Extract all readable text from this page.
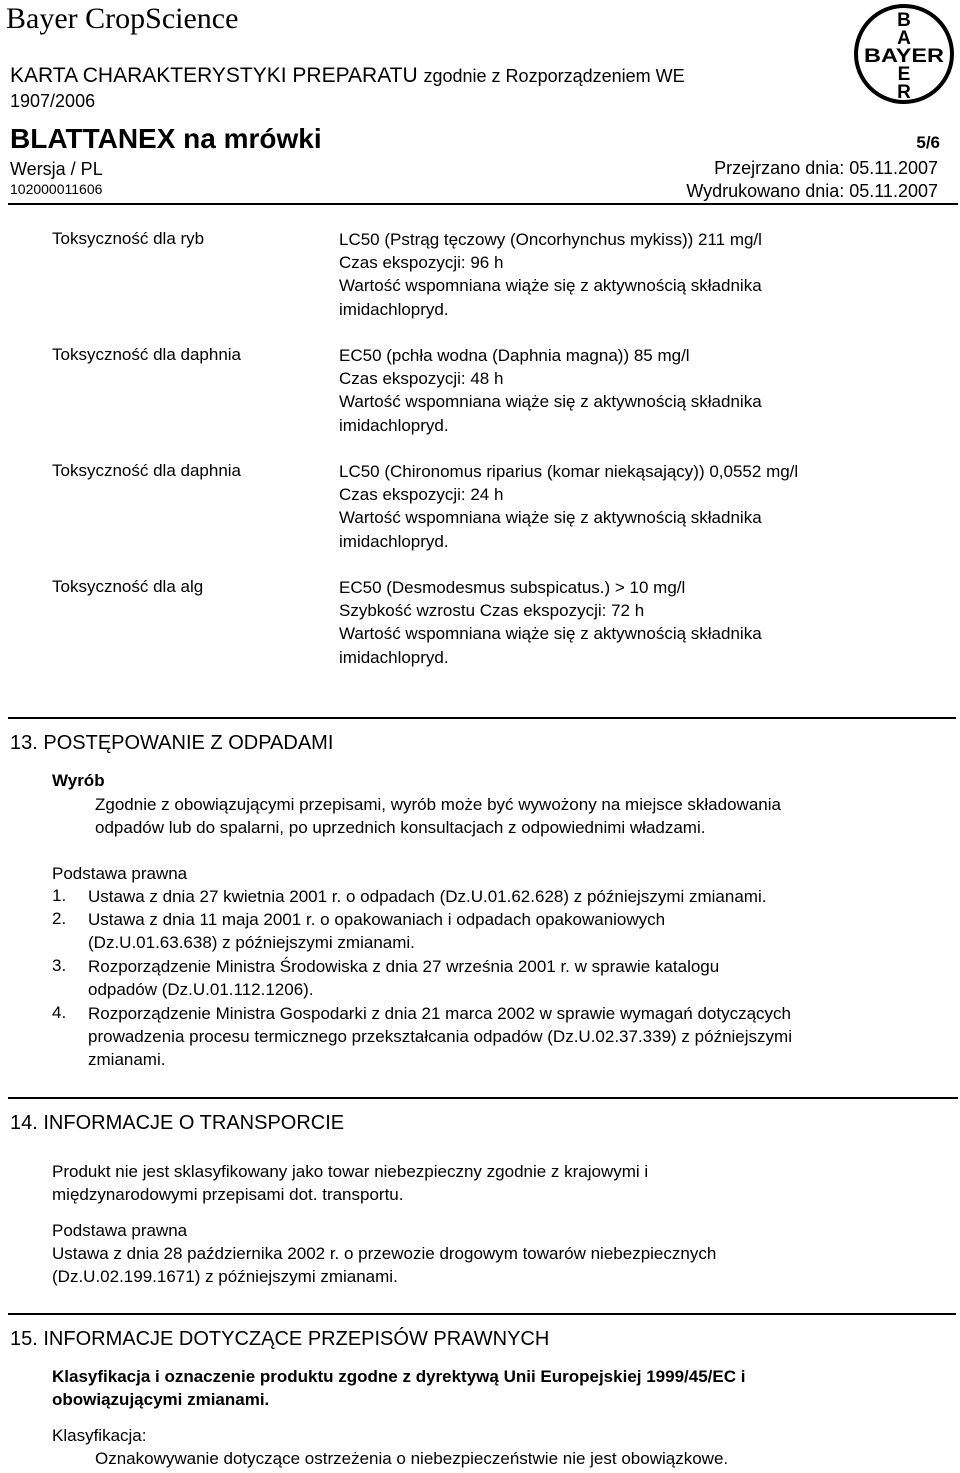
Bayer CropScience
KARTA CHARAKTERYSTYKI PREPARATU zgodnie z Rozporządzeniem WE
1907/2006
BLATTANEX na mrówki	5/6
Wersja / PL
102000011606
Przejrzano dnia: 05.11.2007
Wydrukowano dnia: 05.11.2007
B
A
BAYER
E
R
Toksyczność dla ryb	LC50 (Pstrąg tęczowy (Oncorhynchus mykiss)) 211 mg/l
Czas ekspozycji: 96 h
Wartość wspomniana wiąże się z aktywnością składnika
imidachlopryd.
Toksyczność dla daphnia	EC50 (pchła wodna (Daphnia magna)) 85 mg/l
Czas ekspozycji: 48 h
Wartość wspomniana wiąże się z aktywnością składnika
imidachlopryd.
Toksyczność dla daphnia	LC50 (Chironomus riparius (komar niekąsający)) 0,0552 mg/l
Czas ekspozycji: 24 h
Wartość wspomniana wiąże się z aktywnością składnika
imidachlopryd.
Toksyczność dla alg	EC50 (Desmodesmus subspicatus.) > 10 mg/l
Szybkość wzrostu Czas ekspozycji: 72 h
Wartość wspomniana wiąże się z aktywnością składnika
imidachlopryd.
13. POSTĘPOWANIE Z ODPADAMI
Wyrób
Zgodnie z obowiązującymi przepisami, wyrób może być wywożony na miejsce składowania
odpadów lub do spalarni, po uprzednich konsultacjach z odpowiednimi władzami.
Podstawa prawna
1. Ustawa z dnia 27 kwietnia 2001 r. o odpadach (Dz.U.01.62.628) z późniejszymi zmianami.
2. Ustawa z dnia 11 maja 2001 r. o opakowaniach i odpadach opakowaniowych
(Dz.U.01.63.638) z późniejszymi zmianami.
3. Rozporządzenie Ministra Środowiska z dnia 27 września 2001 r. w sprawie katalogu
odpadów (Dz.U.01.112.1206).
4. Rozporządzenie Ministra Gospodarki z dnia 21 marca 2002 w sprawie wymagań dotyczących
prowadzenia procesu termicznego przekształcania odpadów (Dz.U.02.37.339) z późniejszymi
zmianami.
14. INFORMACJE O TRANSPORCIE
Produkt nie jest sklasyfikowany jako towar niebezpieczny zgodnie z krajowymi i
międzynarodowymi przepisami dot. transportu.
Podstawa prawna
Ustawa z dnia 28 października 2002 r. o przewozie drogowym towarów niebezpiecznych
(Dz.U.02.199.1671) z późniejszymi zmianami.
15. INFORMACJE DOTYCZĄCE PRZEPISÓW PRAWNYCH
Klasyfikacja i oznaczenie produktu zgodne z dyrektywą Unii Europejskiej 1999/45/EC i
obowiązującymi zmianami.
Klasyfikacja:
Oznakowywanie dotyczące ostrzeżenia o niebezpieczeństwie nie jest obowiązkowe.
